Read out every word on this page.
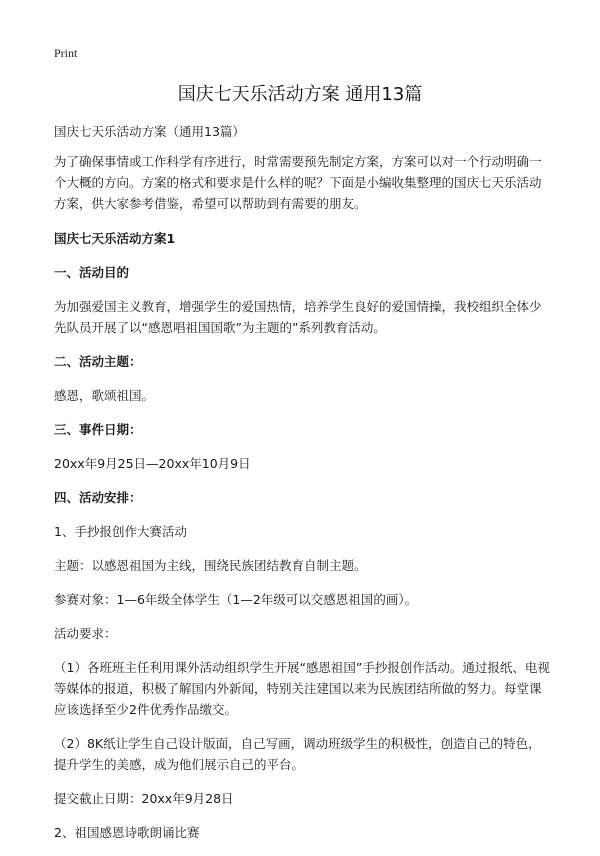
Print
国庆七天乐活动方案 通用13篇

国庆七天乐活动方案（通用13篇）

为了确保事情或工作科学有序进行，时常需要预先制定方案，方案可以对一个行动明确一个大概的方向。方案的格式和要求是什么样的呢？下面是小编收集整理的国庆七天乐活动方案，供大家参考借鉴，希望可以帮助到有需要的朋友。

国庆七天乐活动方案1

一、活动目的

为加强爱国主义教育，增强学生的爱国热情，培养学生良好的爱国情操，我校组织全体少先队员开展了以“感恩唱祖国国歌”为主题的”系列教育活动。

二、活动主题：

感恩，歌颂祖国。

三、事件日期：

20xx年9月25日—20xx年10月9日

四、活动安排：

1、手抄报创作大赛活动

主题：以感恩祖国为主线，围绕民族团结教育自制主题。

参赛对象：1—6年级全体学生（1—2年级可以交感恩祖国的画）。

活动要求：

（1）各班班主任利用课外活动组织学生开展“感恩祖国”手抄报创作活动。通过报纸、电视等媒体的报道，积极了解国内外新闻，特别关注建国以来为民族团结所做的努力。每堂课应该选择至少2件优秀作品缴交。

（2）8K纸让学生自己设计版面，自己写画，调动班级学生的积极性，创造自己的特色，提升学生的美感，成为他们展示自己的平台。

提交截止日期：20xx年9月28日

2、祖国感恩诗歌朗诵比赛
